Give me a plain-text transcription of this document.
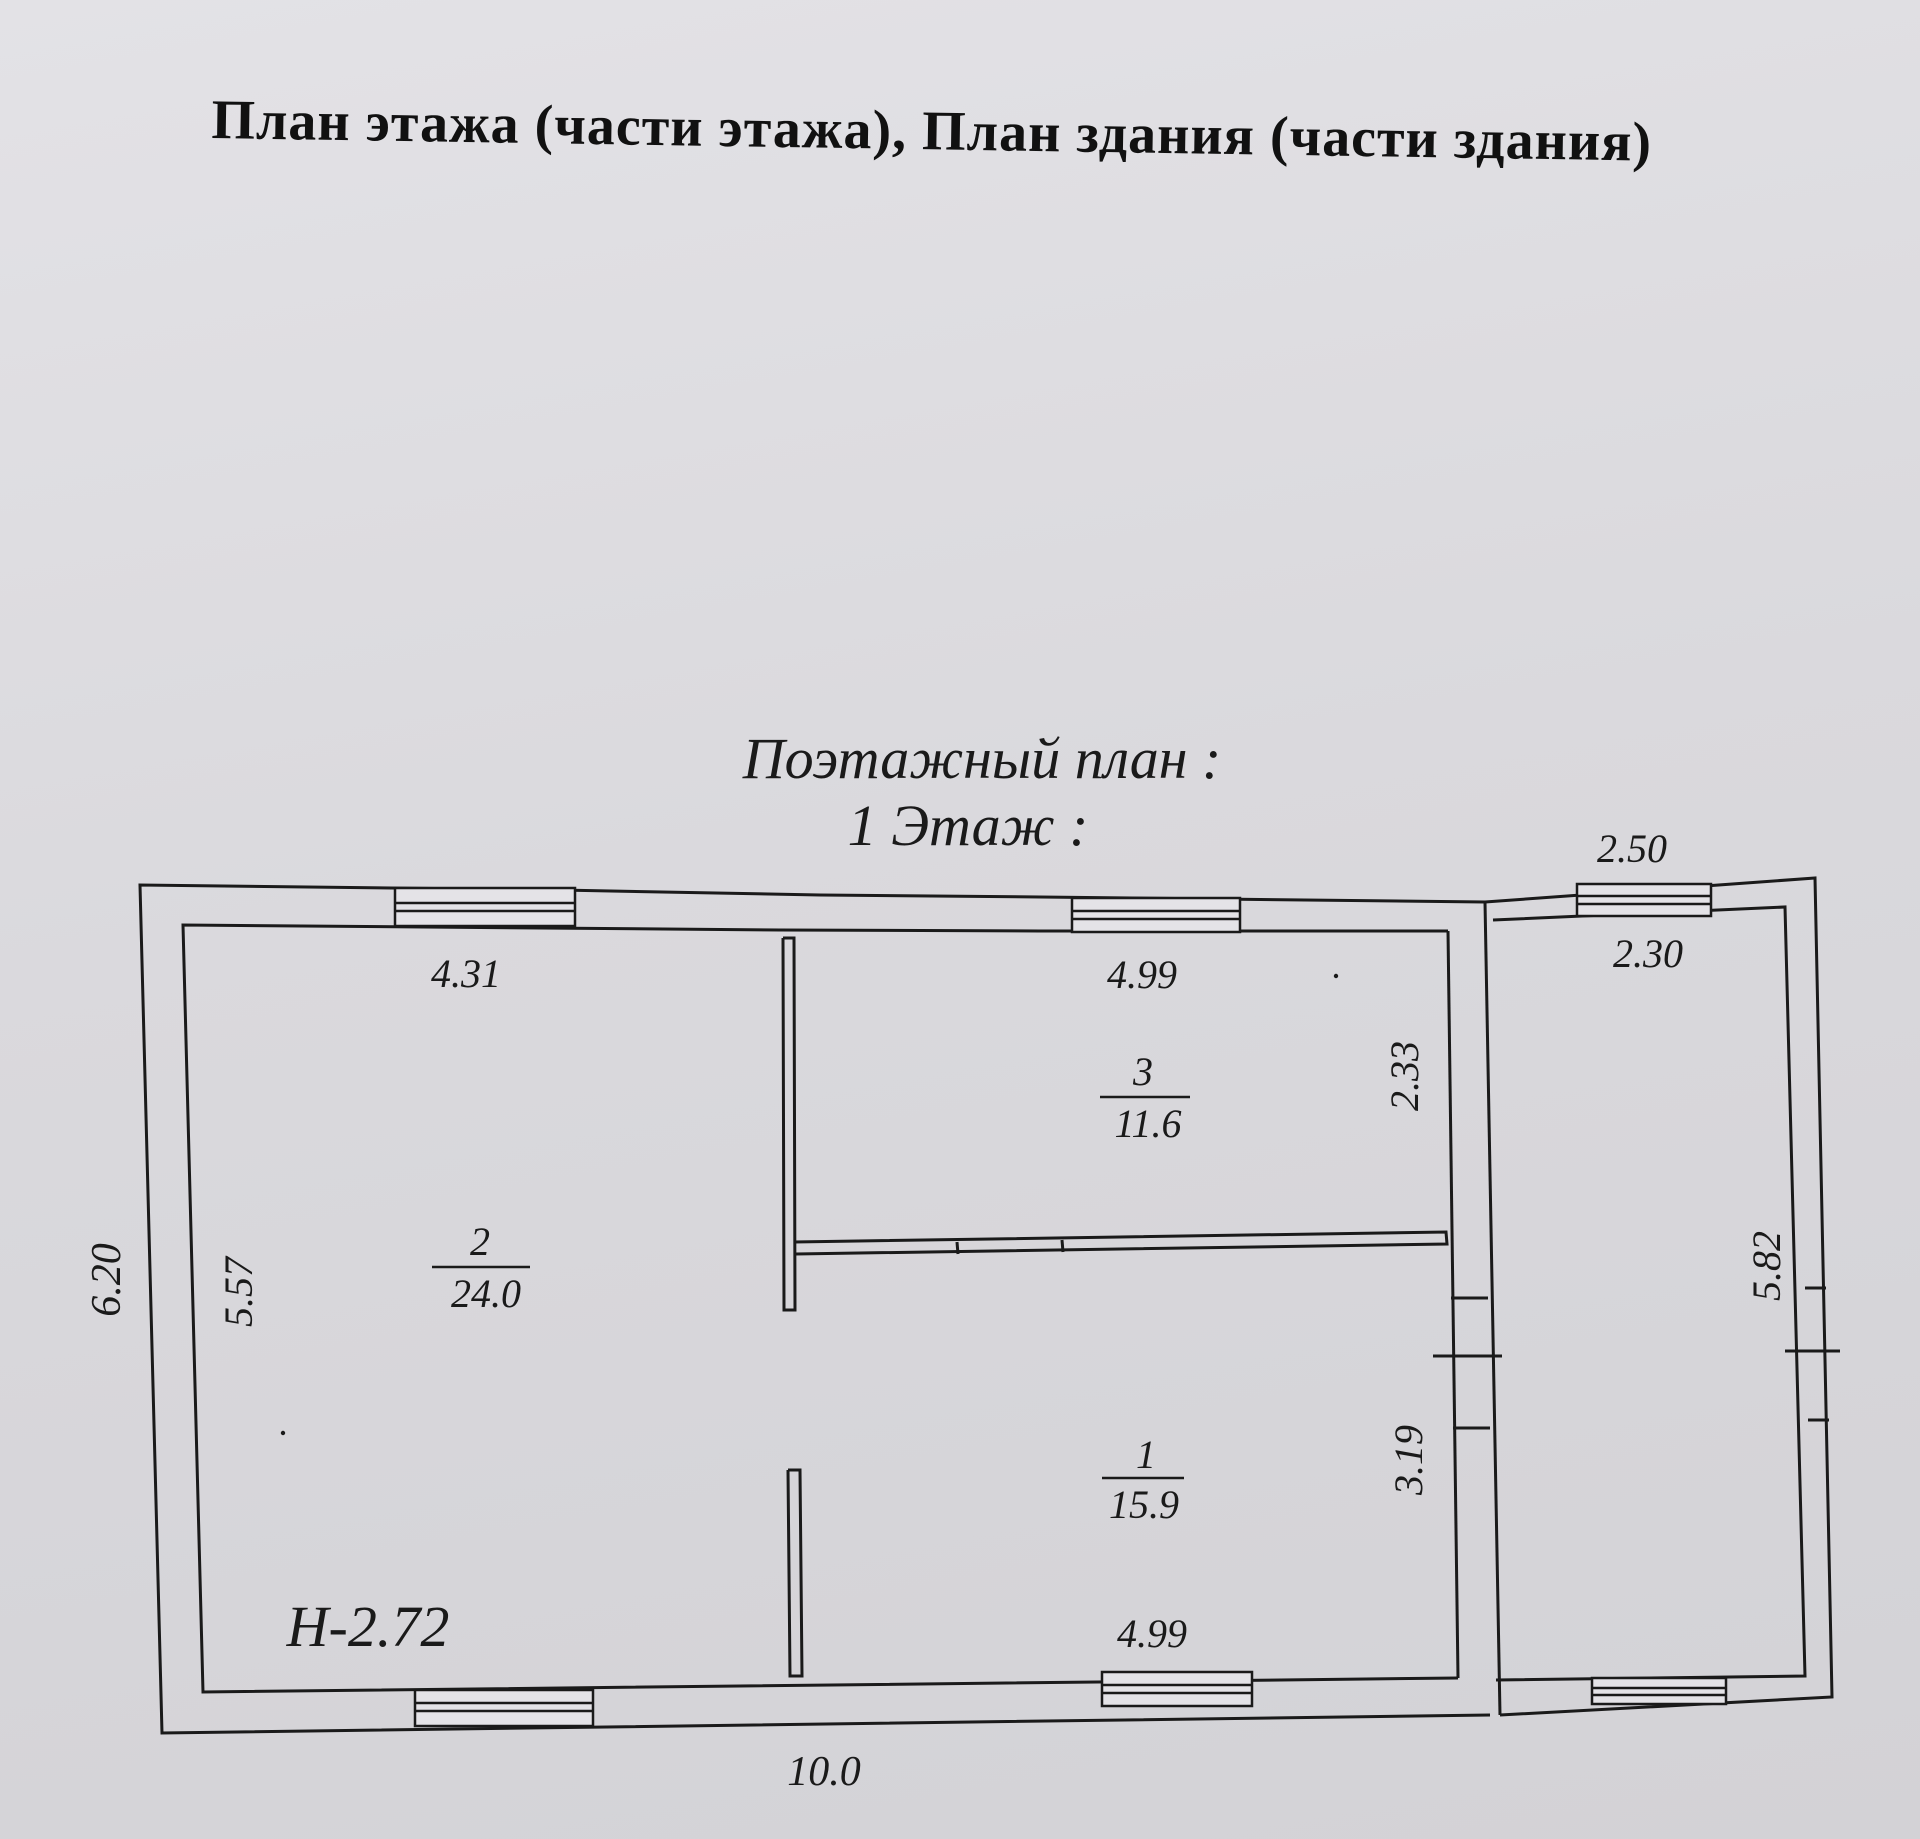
План этажа (части этажа), План здания (части здания)
Поэтажный план :
1 Этаж :
3
11.6
2
24.0
1
15.9
4.31	4.99
2.50
2.30
4.99
10.0
6.20 5.57
2.33
3.19
5.82
Н-2.72
